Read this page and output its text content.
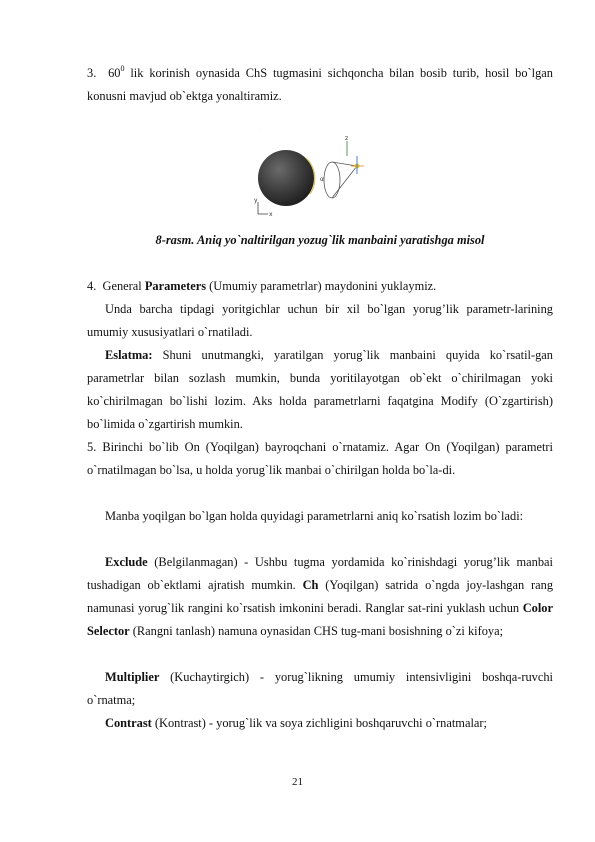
3. $60^0$ lik korinish oynasida ChS tugmasini sichqoncha bilan bosib turib, hosil bo`lgan konusni mavjud ob`ektga yonaltiramiz.

z
α
y
x
.
8-rasm. Aniq yo`naltirilgan yozug`lik manbaini yaratishga misol

4. General Parameters (Umumiy parametrlar) maydonini yuklaymiz.

Unda barcha tipdagi yoritgichlar uchun bir xil bo`lgan yorug’lik parametr-larining umumiy xususiyatlari o`rnatiladi.

Eslatma: Shuni unutmangki, yaratilgan yorug`lik manbaini quyida ko`rsatil-gan parametrlar bilan sozlash mumkin, bunda yoritilayotgan ob`ekt o`chirilmagan yoki ko`chirilmagan bo`lishi lozim. Aks holda parametrlarni faqatgina Modify (O`zgartirish) bo`limida o`zgartirish mumkin.

5. Birinchi bo`lib On (Yoqilgan) bayroqchani o`rnatamiz. Agar On (Yoqilgan) parametri o`rnatilmagan bo`lsa, u holda yorug`lik manbai o`chirilgan holda bo`la-di.

Manba yoqilgan bo`lgan holda quyidagi parametrlarni aniq ko`rsatish lozim bo`ladi:

Exclude (Belgilanmagan) - Ushbu tugma yordamida ko`rinishdagi yorug’lik manbai tushadigan ob`ektlami ajratish mumkin. Ch (Yoqilgan) satrida o`ngda joy-lashgan rang namunasi yorug`lik rangini ko`rsatish imkonini beradi. Ranglar sat-rini yuklash uchun Color Selector (Rangni tanlash) namuna oynasidan CHS tug-mani bosishning o`zi kifoya;

Multiplier (Kuchaytirgich) - yorug`likning umumiy intensivligini boshqa-ruvchi o`rnatma;

Contrast (Kontrast) - yorug`lik va soya zichligini boshqaruvchi o`rnatmalar;

21
